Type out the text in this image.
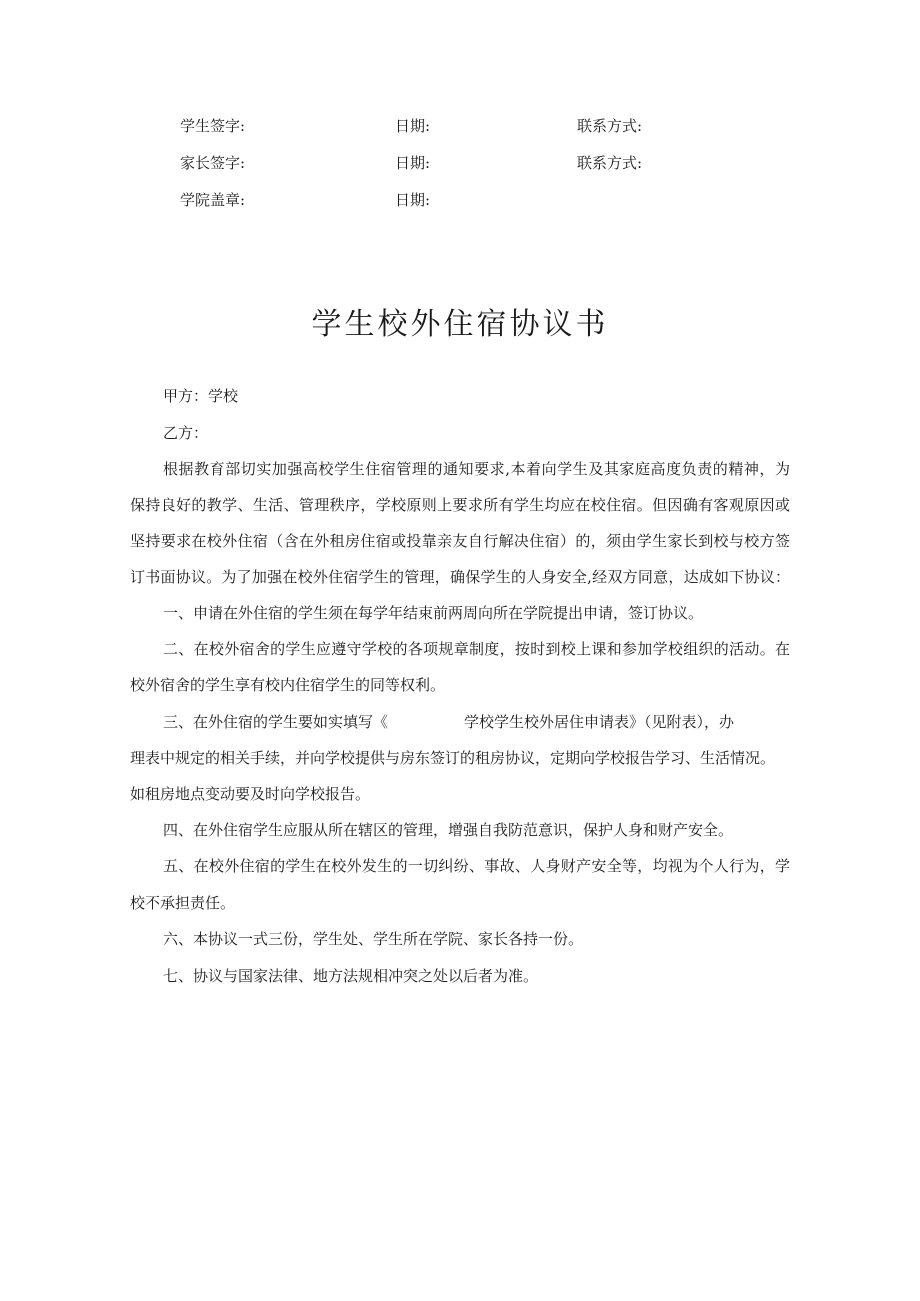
学生签字:	日期:	联系方式:
家长签字:	日期:	联系方式:
学院盖章:	日期:
学生校外住宿协议书
甲方：学校
乙方：
根据教育部切实加强高校学生住宿管理的通知要求,本着向学生及其家庭高度负责的精神，为
保持良好的教学、生活、管理秩序，学校原则上要求所有学生均应在校住宿。但因确有客观原因或
坚持要求在校外住宿（含在外租房住宿或投靠亲友自行解决住宿）的，须由学生家长到校与校方签
订书面协议。为了加强在校外住宿学生的管理，确保学生的人身安全,经双方同意，达成如下协议：
一、申请在外住宿的学生须在每学年结束前两周向所在学院提出申请，签订协议。
二、在校外宿舍的学生应遵守学校的各项规章制度，按时到校上课和参加学校组织的活动。在
校外宿舍的学生享有校内住宿学生的同等权利。
三、在外住宿的学生要如实填写《	学校学生校外居住申请表》（见附表），办
理表中规定的相关手续，并向学校提供与房东签订的租房协议，定期向学校报告学习、生活情况。
如租房地点变动要及时向学校报告。
四、在外住宿学生应服从所在辖区的管理，增强自我防范意识，保护人身和财产安全。
五、在校外住宿的学生在校外发生的一切纠纷、事故、人身财产安全等，均视为个人行为，学
校不承担责任。
六、本协议一式三份，学生处、学生所在学院、家长各持一份。
七、协议与国家法律、地方法规相冲突之处以后者为准。
